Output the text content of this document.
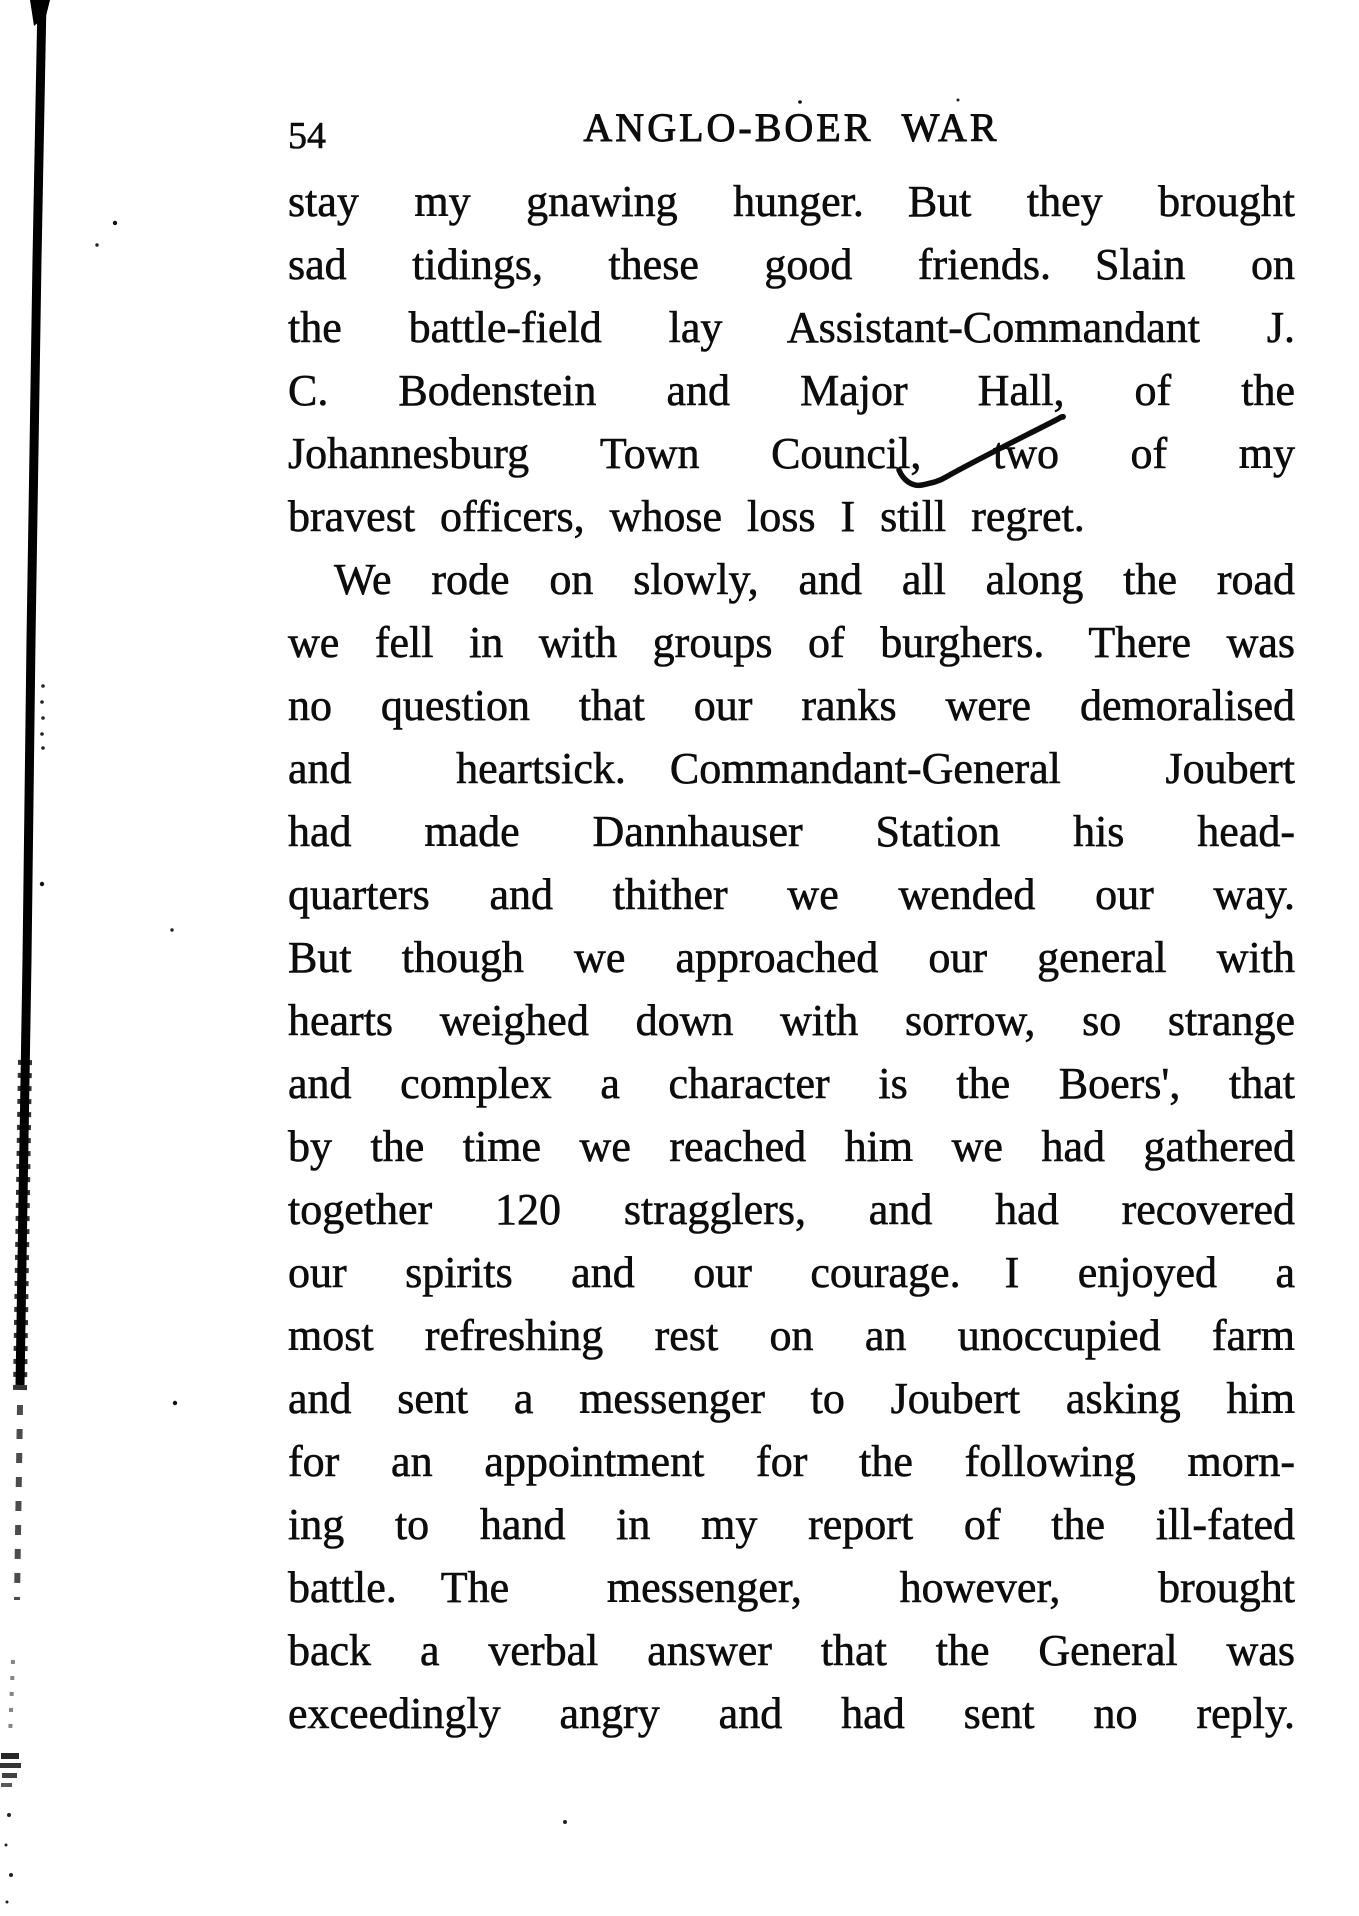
54	ANGLO-BOER WAR
stay my gnawing hunger.  But they brought
sad tidings, these good friends.  Slain on
the battle-field lay Assistant-Commandant J.
C. Bodenstein and Major Hall, of the
Johannesburg Town Council, two of my
bravest officers, whose loss I still regret.
We rode on slowly, and all along the road
we fell in with groups of burghers.  There was
no question that our ranks were demoralised
and heartsick.  Commandant-General Joubert
had made Dannhauser Station his head-
quarters and thither we wended our way.
But though we approached our general with
hearts weighed down with sorrow, so strange
and complex a character is the Boers', that
by the time we reached him we had gathered
together 120 stragglers, and had recovered
our spirits and our courage.  I enjoyed a
most refreshing rest on an unoccupied farm
and sent a messenger to Joubert asking him
for an appointment for the following morn-
ing to hand in my report of the ill-fated
battle.  The messenger, however, brought
back a verbal answer that the General was
exceedingly angry and had sent no reply.
